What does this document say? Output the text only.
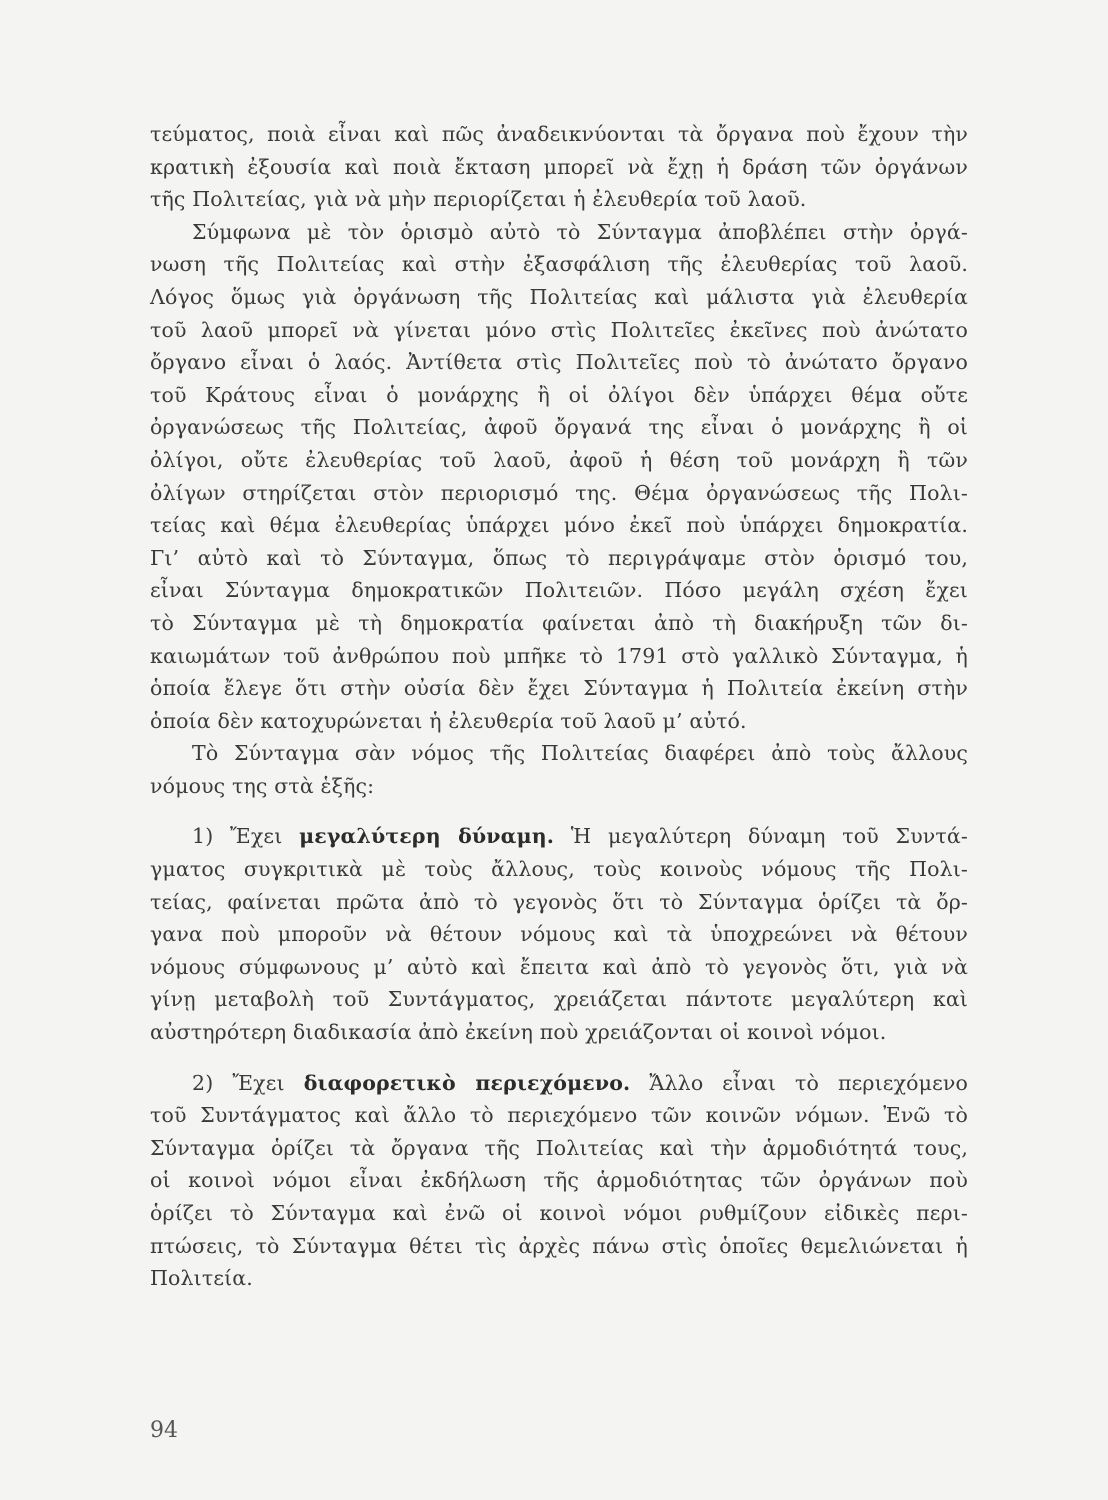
τεύματος, ποιὰ εἶναι καὶ πῶς ἀναδεικνύονται τὰ ὄργανα ποὺ ἔχουν τὴν
κρατικὴ ἐξουσία καὶ ποιὰ ἔκταση μπορεῖ νὰ ἔχῃ ἡ δράση τῶν ὀργάνων
τῆς Πολιτείας, γιὰ νὰ μὴν περιορίζεται ἡ ἐλευθερία τοῦ λαοῦ.
Σύμφωνα μὲ τὸν ὁρισμὸ αὐτὸ τὸ Σύνταγμα ἀποβλέπει στὴν ὀργά-
νωση τῆς Πολιτείας καὶ στὴν ἐξασφάλιση τῆς ἐλευθερίας τοῦ λαοῦ.
Λόγος ὅμως γιὰ ὀργάνωση τῆς Πολιτείας καὶ μάλιστα γιὰ ἐλευθερία
τοῦ λαοῦ μπορεῖ νὰ γίνεται μόνο στὶς Πολιτεῖες ἐκεῖνες ποὺ ἀνώτατο
ὄργανο εἶναι ὁ λαός. Ἀντίθετα στὶς Πολιτεῖες ποὺ τὸ ἀνώτατο ὄργανο
τοῦ Κράτους εἶναι ὁ μονάρχης ἢ οἱ ὀλίγοι δὲν ὑπάρχει θέμα οὔτε
ὀργανώσεως τῆς Πολιτείας, ἀφοῦ ὄργανά της εἶναι ὁ μονάρχης ἢ οἱ
ὀλίγοι, οὔτε ἐλευθερίας τοῦ λαοῦ, ἀφοῦ ἡ θέση τοῦ μονάρχη ἢ τῶν
ὀλίγων στηρίζεται στὸν περιορισμό της. Θέμα ὀργανώσεως τῆς Πολι-
τείας καὶ θέμα ἐλευθερίας ὑπάρχει μόνο ἐκεῖ ποὺ ὑπάρχει δημοκρατία.
Γι’ αὐτὸ καὶ τὸ Σύνταγμα, ὅπως τὸ περιγράψαμε στὸν ὁρισμό του,
εἶναι Σύνταγμα δημοκρατικῶν Πολιτειῶν. Πόσο μεγάλη σχέση ἔχει
τὸ Σύνταγμα μὲ τὴ δημοκρατία φαίνεται ἀπὸ τὴ διακήρυξη τῶν δι-
καιωμάτων τοῦ ἀνθρώπου ποὺ μπῆκε τὸ 1791 στὸ γαλλικὸ Σύνταγμα, ἡ
ὁποία ἔλεγε ὅτι στὴν οὐσία δὲν ἔχει Σύνταγμα ἡ Πολιτεία ἐκείνη στὴν
ὁποία δὲν κατοχυρώνεται ἡ ἐλευθερία τοῦ λαοῦ μ’ αὐτό.
Τὸ Σύνταγμα σὰν νόμος τῆς Πολιτείας διαφέρει ἀπὸ τοὺς ἄλλους
νόμους της στὰ ἑξῆς:
1) Ἔχει μεγαλύτερη δύναμη. Ἡ μεγαλύτερη δύναμη τοῦ Συντά-
γματος συγκριτικὰ μὲ τοὺς ἄλλους, τοὺς κοινοὺς νόμους τῆς Πολι-
τείας, φαίνεται πρῶτα ἀπὸ τὸ γεγονὸς ὅτι τὸ Σύνταγμα ὁρίζει τὰ ὄρ-
γανα ποὺ μποροῦν νὰ θέτουν νόμους καὶ τὰ ὑποχρεώνει νὰ θέτουν
νόμους σύμφωνους μ’ αὐτὸ καὶ ἔπειτα καὶ ἀπὸ τὸ γεγονὸς ὅτι, γιὰ νὰ
γίνῃ μεταβολὴ τοῦ Συντάγματος, χρειάζεται πάντοτε μεγαλύτερη καὶ
αὐστηρότερη διαδικασία ἀπὸ ἐκείνη ποὺ χρειάζονται οἱ κοινοὶ νόμοι.
2) Ἔχει διαφορετικὸ περιεχόμενο. Ἄλλο εἶναι τὸ περιεχόμενο
τοῦ Συντάγματος καὶ ἄλλο τὸ περιεχόμενο τῶν κοινῶν νόμων. Ἐνῶ τὸ
Σύνταγμα ὁρίζει τὰ ὄργανα τῆς Πολιτείας καὶ τὴν ἁρμοδιότητά τους,
οἱ κοινοὶ νόμοι εἶναι ἐκδήλωση τῆς ἁρμοδιότητας τῶν ὀργάνων ποὺ
ὁρίζει τὸ Σύνταγμα καὶ ἐνῶ οἱ κοινοὶ νόμοι ρυθμίζουν εἰδικὲς περι-
πτώσεις, τὸ Σύνταγμα θέτει τὶς ἀρχὲς πάνω στὶς ὁποῖες θεμελιώνεται ἡ
Πολιτεία.
94
